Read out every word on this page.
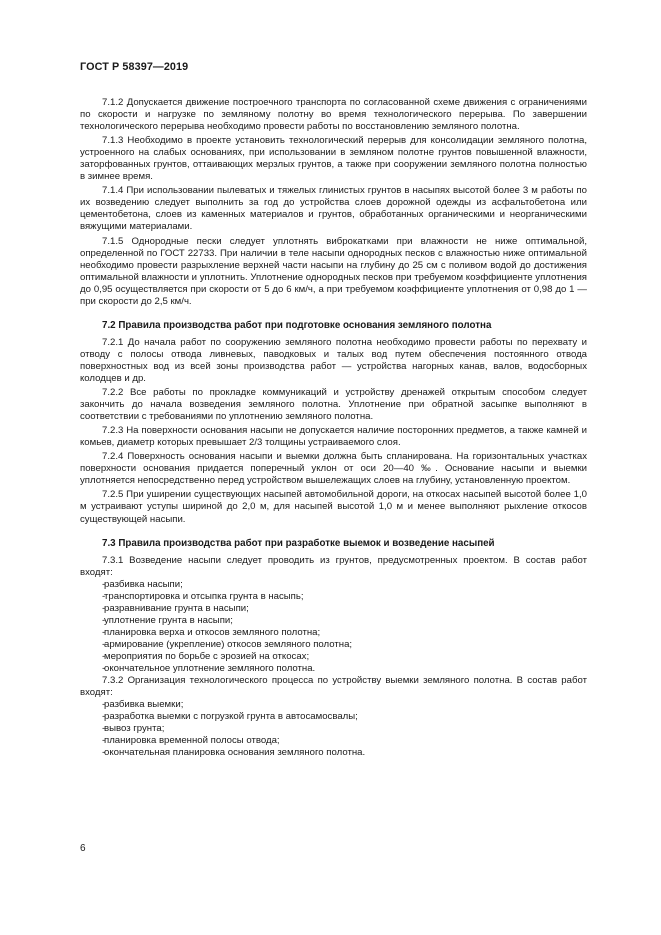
ГОСТ Р 58397—2019

7.1.2 Допускается движение построечного транспорта по согласованной схеме движения с ограничениями по скорости и нагрузке по земляному полотну во время технологического перерыва. По завершении технологического перерыва необходимо провести работы по восстановлению земляного полотна.

7.1.3 Необходимо в проекте установить технологический перерыв для консолидации земляного полотна, устроенного на слабых основаниях, при использовании в земляном полотне грунтов повышенной влажности, заторфованных грунтов, оттаивающих мерзлых грунтов, а также при сооружении земляного полотна полностью в зимнее время.

7.1.4 При использовании пылеватых и тяжелых глинистых грунтов в насыпях высотой более 3 м работы по их возведению следует выполнить за год до устройства слоев дорожной одежды из асфальтобетона или цементобетона, слоев из каменных материалов и грунтов, обработанных органическими и неорганическими вяжущими материалами.

7.1.5 Однородные пески следует уплотнять виброкатками при влажности не ниже оптимальной, определенной по ГОСТ 22733. При наличии в теле насыпи однородных песков с влажностью ниже оптимальной необходимо провести разрыхление верхней части насыпи на глубину до 25 см с поливом водой до достижения оптимальной влажности и уплотнить. Уплотнение однородных песков при требуемом коэффициенте уплотнения до 0,95 осуществляется при скорости от 5 до 6 км/ч, а при требуемом коэффициенте уплотнения от 0,98 до 1 — при скорости до 2,5 км/ч.

7.2 Правила производства работ при подготовке основания земляного полотна

7.2.1 До начала работ по сооружению земляного полотна необходимо провести работы по перехвату и отводу с полосы отвода ливневых, паводковых и талых вод путем обеспечения постоянного отвода поверхностных вод из всей зоны производства работ — устройства нагорных канав, валов, водосборных колодцев и др.

7.2.2 Все работы по прокладке коммуникаций и устройству дренажей открытым способом следует закончить до начала возведения земляного полотна. Уплотнение при обратной засыпке выполняют в соответствии с требованиями по уплотнению земляного полотна.

7.2.3 На поверхности основания насыпи не допускается наличие посторонних предметов, а также камней и комьев, диаметр которых превышает 2/3 толщины устраиваемого слоя.

7.2.4 Поверхность основания насыпи и выемки должна быть спланирована. На горизонтальных участках поверхности основания придается поперечный уклон от оси 20—40 ‰. Основание насыпи и выемки уплотняется непосредственно перед устройством вышележащих слоев на глубину, установленную проектом.

7.2.5 При уширении существующих насыпей автомобильной дороги, на откосах насыпей высотой более 1,0 м устраивают уступы шириной до 2,0 м, для насыпей высотой 1,0 м и менее выполняют рыхление откосов существующей насыпи.

7.3 Правила производства работ при разработке выемок и возведение насыпей

7.3.1 Возведение насыпи следует проводить из грунтов, предусмотренных проектом. В состав работ входят:

- разбивка насыпи;
- транспортировка и отсыпка грунта в насыпь;
- разравнивание грунта в насыпи;
- уплотнение грунта в насыпи;
- планировка верха и откосов земляного полотна;
- армирование (укрепление) откосов земляного полотна;
- мероприятия по борьбе с эрозией на откосах;
- окончательное уплотнение земляного полотна.

7.3.2 Организация технологического процесса по устройству выемки земляного полотна. В состав работ входят:

- разбивка выемки;
- разработка выемки с погрузкой грунта в автосамосвалы;
- вывоз грунта;
- планировка временной полосы отвода;
- окончательная планировка основания земляного полотна.
6
